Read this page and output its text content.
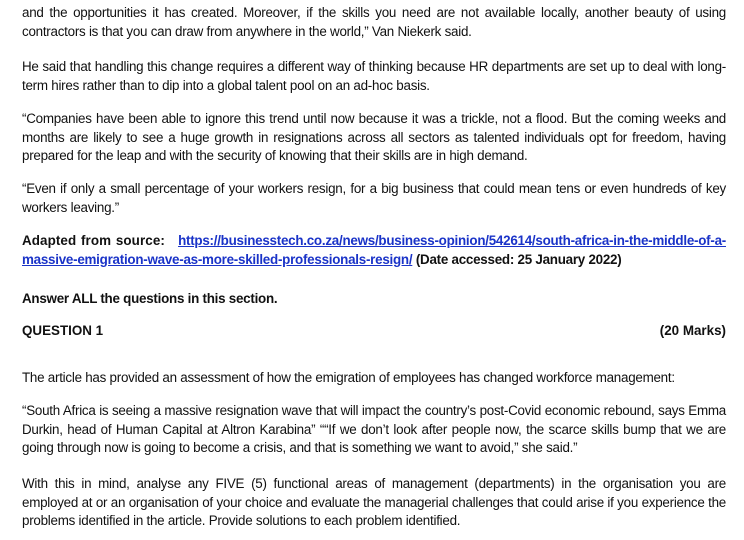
and the opportunities it has created. Moreover, if the skills you need are not available locally, another beauty of using contractors is that you can draw from anywhere in the world,” Van Niekerk said.

He said that handling this change requires a different way of thinking because HR departments are set up to deal with long-term hires rather than to dip into a global talent pool on an ad-hoc basis.

“Companies have been able to ignore this trend until now because it was a trickle, not a flood. But the coming weeks and months are likely to see a huge growth in resignations across all sectors as talented individuals opt for freedom, having prepared for the leap and with the security of knowing that their skills are in high demand.

“Even if only a small percentage of your workers resign, for a big business that could mean tens or even hundreds of key workers leaving.”

Adapted from source: https://businesstech.co.za/news/business-opinion/542614/south-africa-in-the-middle-of-a-massive-emigration-wave-as-more-skilled-professionals-resign/ (Date accessed: 25 January 2022)

Answer ALL the questions in this section.

QUESTION 1	(20 Marks)

The article has provided an assessment of how the emigration of employees has changed workforce management:

“South Africa is seeing a massive resignation wave that will impact the country’s post-Covid economic rebound, says Emma Durkin, head of Human Capital at Altron Karabina” ““If we don’t look after people now, the scarce skills bump that we are going through now is going to become a crisis, and that is something we want to avoid,” she said.”

With this in mind, analyse any FIVE (5) functional areas of management (departments) in the organisation you are employed at or an organisation of your choice and evaluate the managerial challenges that could arise if you experience the problems identified in the article. Provide solutions to each problem identified.
